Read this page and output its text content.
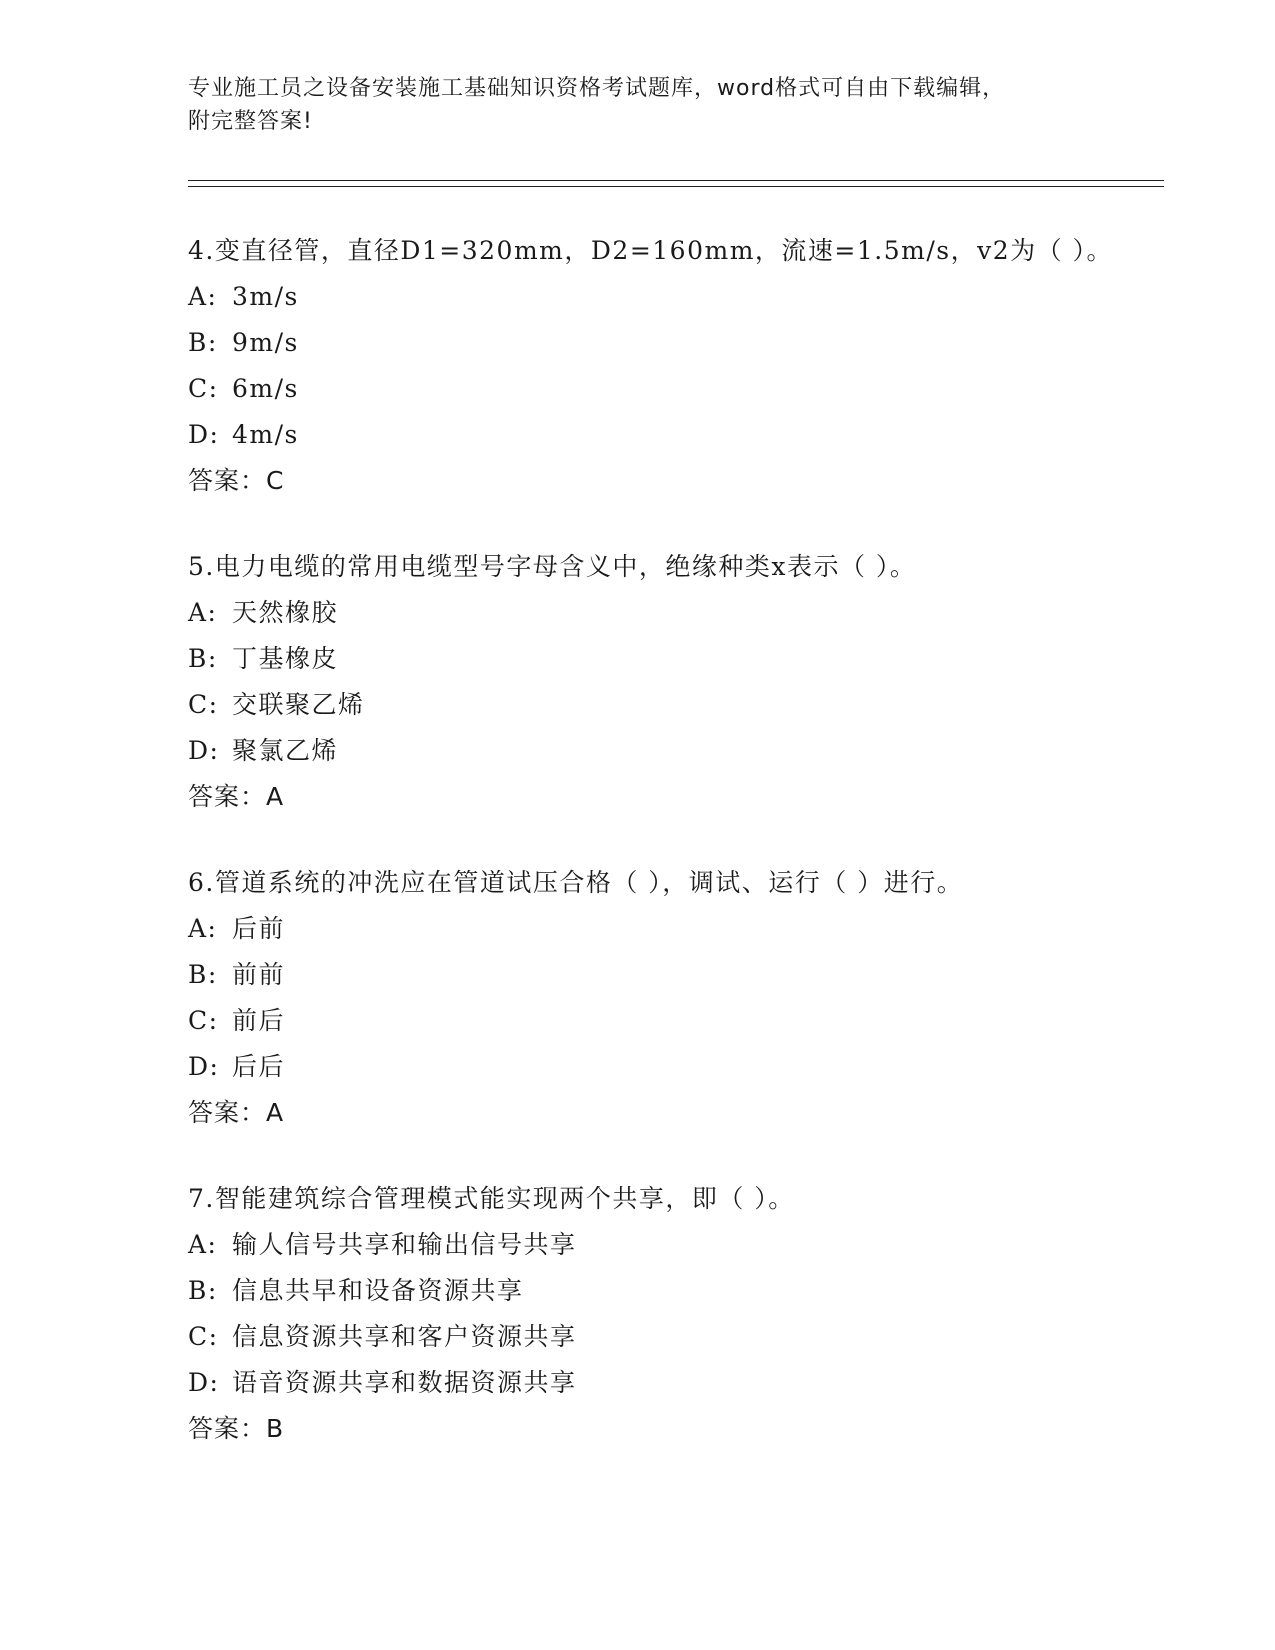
专业施工员之设备安装施工基础知识资格考试题库，word格式可自由下载编辑，
附完整答案!
4.变直径管，直径D1=320mm，D2=160mm，流速=1.5m/s，v2为（ ）。
A: 3m/s
B: 9m/s
C: 6m/s
D: 4m/s
答案：C
5.电力电缆的常用电缆型号字母含义中，绝缘种类x表示（ ）。
A: 天然橡胶
B: 丁基橡皮
C: 交联聚乙烯
D: 聚氯乙烯
答案：A
6.管道系统的冲洗应在管道试压合格（ ），调试、运行（ ）进行。
A: 后前
B: 前前
C: 前后
D: 后后
答案：A
7.智能建筑综合管理模式能实现两个共享，即（ ）。
A: 输人信号共享和输出信号共享
B: 信息共早和设备资源共享
C: 信息资源共享和客户资源共享
D: 语音资源共享和数据资源共享
答案：B
